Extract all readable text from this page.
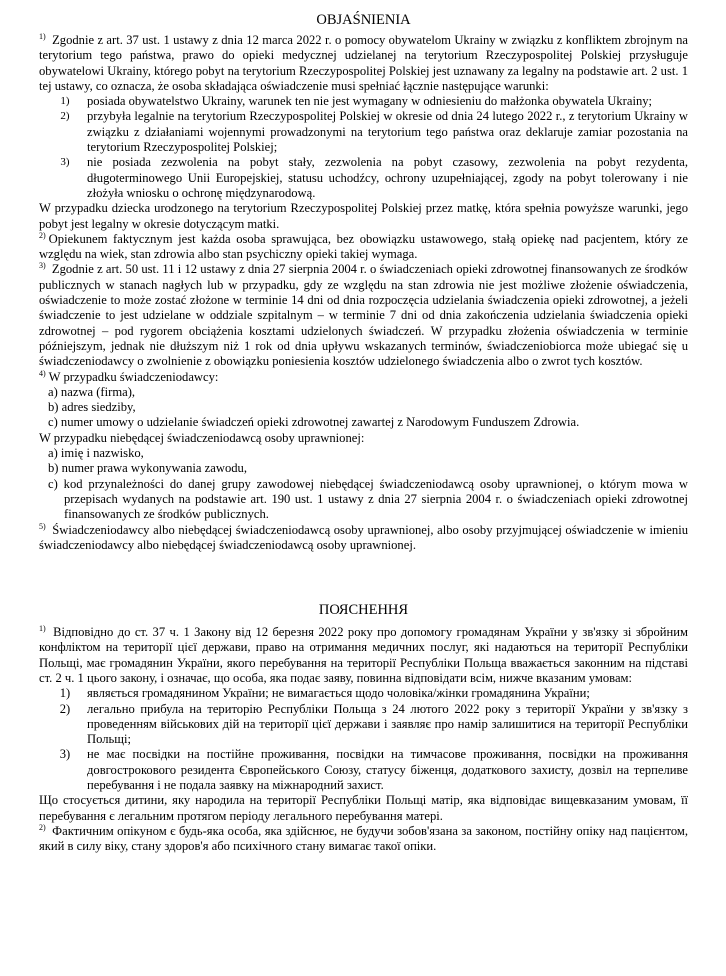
OBJAŚNIENIA

$^{1)}$ Zgodnie z art. 37 ust. 1 ustawy z dnia 12 marca 2022 r. o pomocy obywatelom Ukrainy w związku z konfliktem zbrojnym na terytorium tego państwa, prawo do opieki medycznej udzielanej na terytorium Rzeczypospolitej Polskiej przysługuje obywatelowi Ukrainy, którego pobyt na terytorium Rzeczypospolitej Polskiej jest uznawany za legalny na podstawie art. 2 ust. 1 tej ustawy, co oznacza, że osoba składająca oświadczenie musi spełniać łącznie następujące warunki:

1)	posiada obywatelstwo Ukrainy, warunek ten nie jest wymagany w odniesieniu do małżonka obywatela Ukrainy;
2)	przybyła legalnie na terytorium Rzeczypospolitej Polskiej w okresie od dnia 24 lutego 2022 r., z terytorium Ukrainy w związku z działaniami wojennymi prowadzonymi na terytorium tego państwa oraz deklaruje zamiar pozostania na terytorium Rzeczypospolitej Polskiej;
3)	nie posiada zezwolenia na pobyt stały, zezwolenia na pobyt czasowy, zezwolenia na pobyt rezydenta, długoterminowego Unii Europejskiej, statusu uchodźcy, ochrony uzupełniającej, zgody na pobyt tolerowany i nie złożyła wniosku o ochronę międzynarodową.

W przypadku dziecka urodzonego na terytorium Rzeczypospolitej Polskiej przez matkę, która spełnia powyższe warunki, jego pobyt jest legalny w okresie dotyczącym matki.

$^{2)}$ Opiekunem faktycznym jest każda osoba sprawująca, bez obowiązku ustawowego, stałą opiekę nad pacjentem, który ze względu na wiek, stan zdrowia albo stan psychiczny opieki takiej wymaga.

$^{3)}$ Zgodnie z art. 50 ust. 11 i 12 ustawy z dnia 27 sierpnia 2004 r. o świadczeniach opieki zdrowotnej finansowanych ze środków publicznych w stanach nagłych lub w przypadku, gdy ze względu na stan zdrowia nie jest możliwe złożenie oświadczenia, oświadczenie to może zostać złożone w terminie 14 dni od dnia rozpoczęcia udzielania świadczenia opieki zdrowotnej, a jeżeli świadczenie to jest udzielane w oddziale szpitalnym – w terminie 7 dni od dnia zakończenia udzielania świadczenia opieki zdrowotnej – pod rygorem obciążenia kosztami udzielonych świadczeń. W przypadku złożenia oświadczenia w terminie późniejszym, jednak nie dłuższym niż 1 rok od dnia upływu wskazanych terminów, świadczeniobiorca może ubiegać się u świadczeniodawcy o zwolnienie z obowiązku poniesienia kosztów udzielonego świadczenia albo o zwrot tych kosztów.

$^{4)}$ W przypadku świadczeniodawcy:

a) nazwa (firma),

b) adres siedziby,

c) numer umowy o udzielanie świadczeń opieki zdrowotnej zawartej z Narodowym Funduszem Zdrowia.

W przypadku niebędącej świadczeniodawcą osoby uprawnionej:

a) imię i nazwisko,

b) numer prawa wykonywania zawodu,

c) kod przynależności do danej grupy zawodowej niebędącej świadczeniodawcą osoby uprawnionej, o którym mowa w przepisach wydanych na podstawie art. 190 ust. 1 ustawy z dnia 27 sierpnia 2004 r. o świadczeniach opieki zdrowotnej finansowanych ze środków publicznych.

$^{5)}$ Świadczeniodawcy albo niebędącej świadczeniodawcą osoby uprawnionej, albo osoby przyjmującej oświadczenie w imieniu świadczeniodawcy albo niebędącej świadczeniodawcą osoby uprawnionej.

ПОЯСНЕННЯ

$^{1)}$ Відповідно до ст. 37 ч. 1 Закону від 12 березня 2022 року про допомогу громадянам України у зв'язку зі збройним конфліктом на території цієї держави, право на отримання медичних послуг, які надаються на території Республіки Польщі, має громадянин України, якого перебування на території Республіки Польща вважається законним на підставі ст. 2 ч. 1 цього закону, і означає, що особа, яка подає заяву, повинна відповідати всім, нижче вказаним умовам:

1)	являється громадянином України; не вимагається щодо чоловіка/жінки громадянина України;
2)	легально прибула на територію Республіки Польща з 24 лютого 2022 року з території України у зв'язку з проведенням військових дій на території цієї держави і заявляє про намір залишитися на території Республіки Польщі;
3)	не має посвідки на постійне проживання, посвідки на тимчасове проживання, посвідки на проживання довгострокового резидента Європейського Союзу, статусу біженця, додаткового захисту, дозвіл на терпеливе перебування і не подала заявку на міжнародний захист.

Що стосується дитини, яку народила на території Республіки Польщі матір, яка відповідає вищевказаним умовам, її перебування є легальним протягом періоду легального перебування матері.

$^{2)}$ Фактичним опікуном є будь-яка особа, яка здійснює, не будучи зобов'язана за законом, постійну опіку над пацієнтом, який в силу віку, стану здоров'я або психічного стану вимагає такої опіки.
